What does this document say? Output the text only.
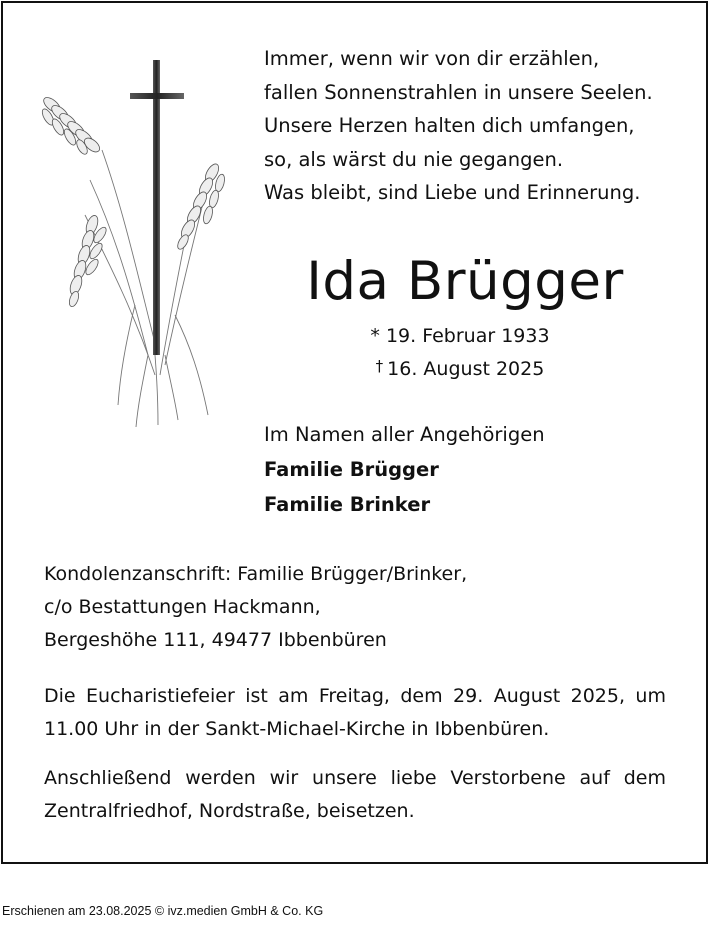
Immer, wenn wir von dir erzählen,
fallen Sonnenstrahlen in unsere Seelen.
Unsere Herzen halten dich umfangen,
so, als wärst du nie gegangen.
Was bleibt, sind Liebe und Erinnerung.
Ida Brügger
* 19. Februar 1933
† 16. August 2025
Im Namen aller Angehörigen
Familie Brügger
Familie Brinker
Kondolenzanschrift: Familie Brügger/Brinker,
c/o Bestattungen Hackmann,
Bergeshöhe 111, 49477 Ibbenbüren
Die Eucharistiefeier ist am Freitag, dem 29. August 2025, um 11.00 Uhr in der Sankt-Michael-Kirche in Ibbenbüren.
Anschließend werden wir unsere liebe Verstorbene auf dem Zentralfriedhof, Nordstraße, beisetzen.
Erschienen am 23.08.2025 © ivz.medien GmbH & Co. KG
